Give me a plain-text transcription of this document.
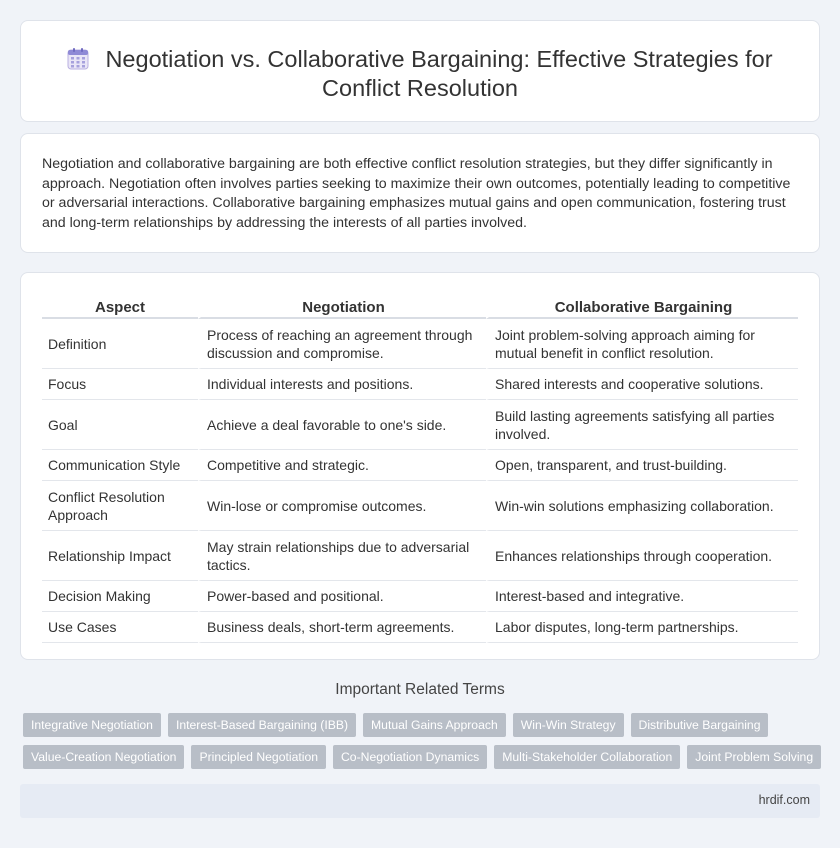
Negotiation vs. Collaborative Bargaining: Effective Strategies for Conflict Resolution

Negotiation and collaborative bargaining are both effective conflict resolution strategies, but they differ significantly in approach. Negotiation often involves parties seeking to maximize their own outcomes, potentially leading to competitive or adversarial interactions. Collaborative bargaining emphasizes mutual gains and open communication, fostering trust and long-term relationships by addressing the interests of all parties involved.

Aspect	Negotiation	Collaborative Bargaining
Definition	Process of reaching an agreement through discussion and compromise.	Joint problem-solving approach aiming for mutual benefit in conflict resolution.
Focus	Individual interests and positions.	Shared interests and cooperative solutions.
Goal	Achieve a deal favorable to one's side.	Build lasting agreements satisfying all parties involved.
Communication Style	Competitive and strategic.	Open, transparent, and trust-building.
Conflict Resolution Approach	Win-lose or compromise outcomes.	Win-win solutions emphasizing collaboration.
Relationship Impact	May strain relationships due to adversarial tactics.	Enhances relationships through cooperation.
Decision Making	Power-based and positional.	Interest-based and integrative.
Use Cases	Business deals, short-term agreements.	Labor disputes, long-term partnerships.
Important Related Terms
Integrative Negotiation	Interest-Based Bargaining (IBB)	Mutual Gains Approach	Win-Win Strategy	Distributive Bargaining
Value-Creation Negotiation	Principled Negotiation	Co-Negotiation Dynamics	Multi-Stakeholder Collaboration	Joint Problem Solving
hrdif.com
